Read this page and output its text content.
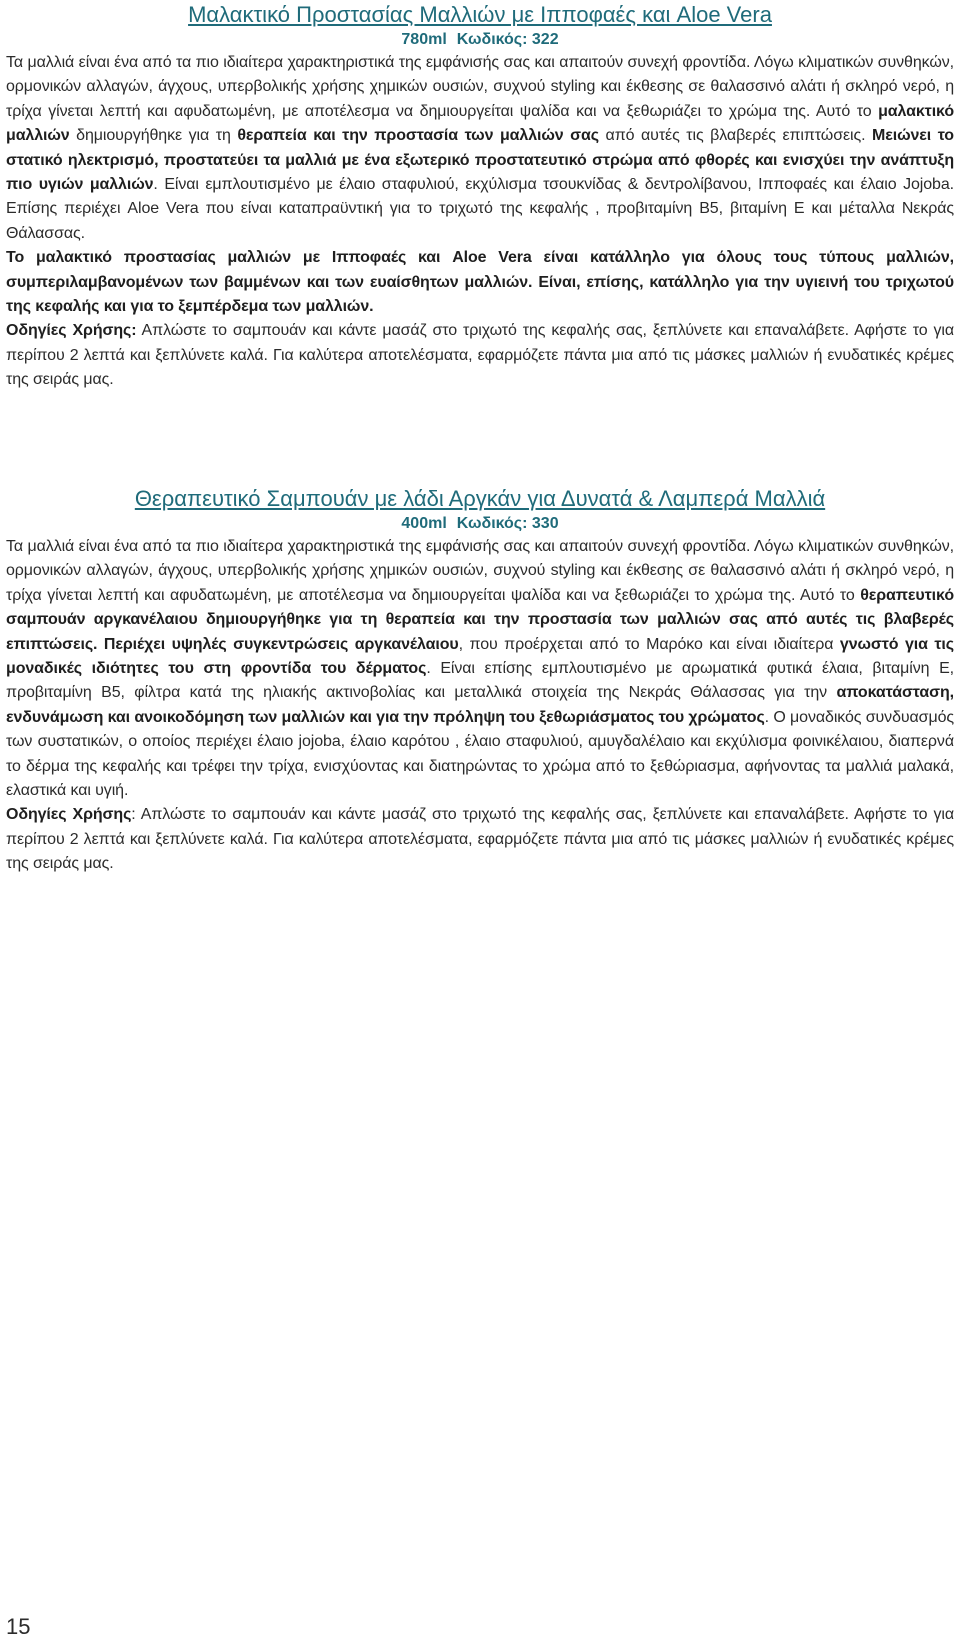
Μαλακτικό Προστασίας Μαλλιών με Ιπποφαές και Aloe Vera

780ml Κωδικός: 322

Τα μαλλιά είναι ένα από τα πιο ιδιαίτερα χαρακτηριστικά της εμφάνισής σας και απαιτούν συνεχή φροντίδα. Λόγω κλιματικών συνθηκών, ορμονικών αλλαγών, άγχους, υπερβολικής χρήσης χημικών ουσιών, συχνού styling και έκθεσης σε θαλασσινό αλάτι ή σκληρό νερό, η τρίχα γίνεται λεπτή και αφυδατωμένη, με αποτέλεσμα να δημιουργείται ψαλίδα και να ξεθωριάζει το χρώμα της. Αυτό το μαλακτικό μαλλιών δημιουργήθηκε για τη θεραπεία και την προστασία των μαλλιών σας από αυτές τις βλαβερές επιπτώσεις. Μειώνει το στατικό ηλεκτρισμό, προστατεύει τα μαλλιά με ένα εξωτερικό προστατευτικό στρώμα από φθορές και ενισχύει την ανάπτυξη πιο υγιών μαλλιών. Είναι εμπλουτισμένο με έλαιο σταφυλιού, εκχύλισμα τσουκνίδας & δεντρολίβανου, Ιπποφαές και έλαιο Jojoba. Επίσης περιέχει Aloe Vera που είναι καταπραϋντική για το τριχωτό της κεφαλής , προβιταμίνη B5, βιταμίνη E και μέταλλα Νεκράς Θάλασσας.

Το μαλακτικό προστασίας μαλλιών με Ιπποφαές και Aloe Vera είναι κατάλληλο για όλους τους τύπους μαλλιών, συμπεριλαμβανομένων των βαμμένων και των ευαίσθητων μαλλιών. Είναι, επίσης, κατάλληλο για την υγιεινή του τριχωτού της κεφαλής και για το ξεμπέρδεμα των μαλλιών.

Οδηγίες Χρήσης: Απλώστε το σαμπουάν και κάντε μασάζ στο τριχωτό της κεφαλής σας, ξεπλύνετε και επαναλάβετε. Αφήστε το για περίπου 2 λεπτά και ξεπλύνετε καλά. Για καλύτερα αποτελέσματα, εφαρμόζετε πάντα μια από τις μάσκες μαλλιών ή ενυδατικές κρέμες της σειράς μας.

Θεραπευτικό Σαμπουάν με λάδι Αργκάν για Δυνατά & Λαμπερά Μαλλιά

400ml Κωδικός: 330

Τα μαλλιά είναι ένα από τα πιο ιδιαίτερα χαρακτηριστικά της εμφάνισής σας και απαιτούν συνεχή φροντίδα. Λόγω κλιματικών συνθηκών, ορμονικών αλλαγών, άγχους, υπερβολικής χρήσης χημικών ουσιών, συχνού styling και έκθεσης σε θαλασσινό αλάτι ή σκληρό νερό, η τρίχα γίνεται λεπτή και αφυδατωμένη, με αποτέλεσμα να δημιουργείται ψαλίδα και να ξεθωριάζει το χρώμα της. Αυτό το θεραπευτικό σαμπουάν αργκανέλαιου δημιουργήθηκε για τη θεραπεία και την προστασία των μαλλιών σας από αυτές τις βλαβερές επιπτώσεις. Περιέχει υψηλές συγκεντρώσεις αργκανέλαιου, που προέρχεται από το Μαρόκο και είναι ιδιαίτερα γνωστό για τις μοναδικές ιδιότητες του στη φροντίδα του δέρματος. Είναι επίσης εμπλουτισμένο με αρωματικά φυτικά έλαια, βιταμίνη E, προβιταμίνη B5, φίλτρα κατά της ηλιακής ακτινοβολίας και μεταλλικά στοιχεία της Νεκράς Θάλασσας για την αποκατάσταση, ενδυνάμωση και ανοικοδόμηση των μαλλιών και για την πρόληψη του ξεθωριάσματος του χρώματος. Ο μοναδικός συνδυασμός των συστατικών, ο οποίος περιέχει έλαιο jojoba, έλαιο καρότου , έλαιο σταφυλιού, αμυγδαλέλαιο και εκχύλισμα φοινικέλαιου, διαπερνά το δέρμα της κεφαλής και τρέφει την τρίχα, ενισχύοντας και διατηρώντας το χρώμα από το ξεθώριασμα, αφήνοντας τα μαλλιά μαλακά, ελαστικά και υγιή.

Οδηγίες Χρήσης: Απλώστε το σαμπουάν και κάντε μασάζ στο τριχωτό της κεφαλής σας, ξεπλύνετε και επαναλάβετε. Αφήστε το για περίπου 2 λεπτά και ξεπλύνετε καλά. Για καλύτερα αποτελέσματα, εφαρμόζετε πάντα μια από τις μάσκες μαλλιών ή ενυδατικές κρέμες της σειράς μας.

15
